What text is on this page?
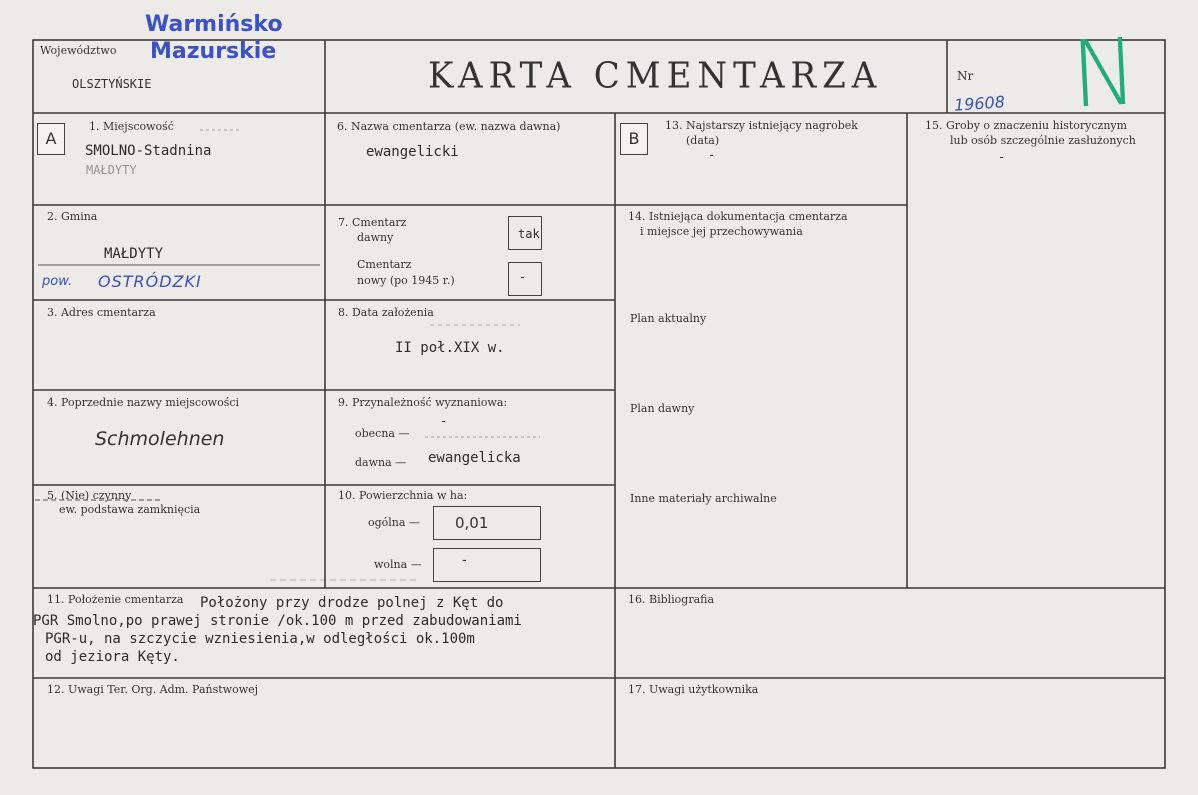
Województwo
OLSZTYŃSKIE
Warmińsko
Mazurskie
KARTA CMENTARZA	Nr
19608 N
A	B
1. Miejscowość
SMOLNO-Stadnina
MAŁDYTY
2. Gmina
MAŁDYTY
pow. OSTRÓDZKI
3. Adres cmentarza
4. Poprzednie nazwy miejscowości
Schmolehnen
5. (Nie) czynny
ew. podstawa zamknięcia
6. Nazwa cmentarza (ew. nazwa dawna)
ewangelicki
7. Cmentarz
dawny	tak
Cmentarz
nowy (po 1945 r.)	-
8. Data założenia
II poł.XIX w.
9. Przynależność wyznaniowa:
obecna —
-
dawna — ewangelicka
10. Powierzchnia w ha:
ogólna — 0,01
wolna —	-
11. Położenie cmentarza Położony przy drodze polnej z Kęt do
PGR Smolno,po prawej stronie /ok.100 m przed zabudowaniami
PGR-u, na szczycie wzniesienia,w odległości ok.100m
od jeziora Kęty.
12. Uwagi Ter. Org. Adm. Państwowej
13. Najstarszy istniejący nagrobek
(data)
-
14. Istniejąca dokumentacja cmentarza
i miejsce jej przechowywania
Plan aktualny
Plan dawny
Inne materiały archiwalne
15. Groby o znaczeniu historycznym
lub osób szczególnie zasłużonych
-
16. Bibliografia
17. Uwagi użytkownika
